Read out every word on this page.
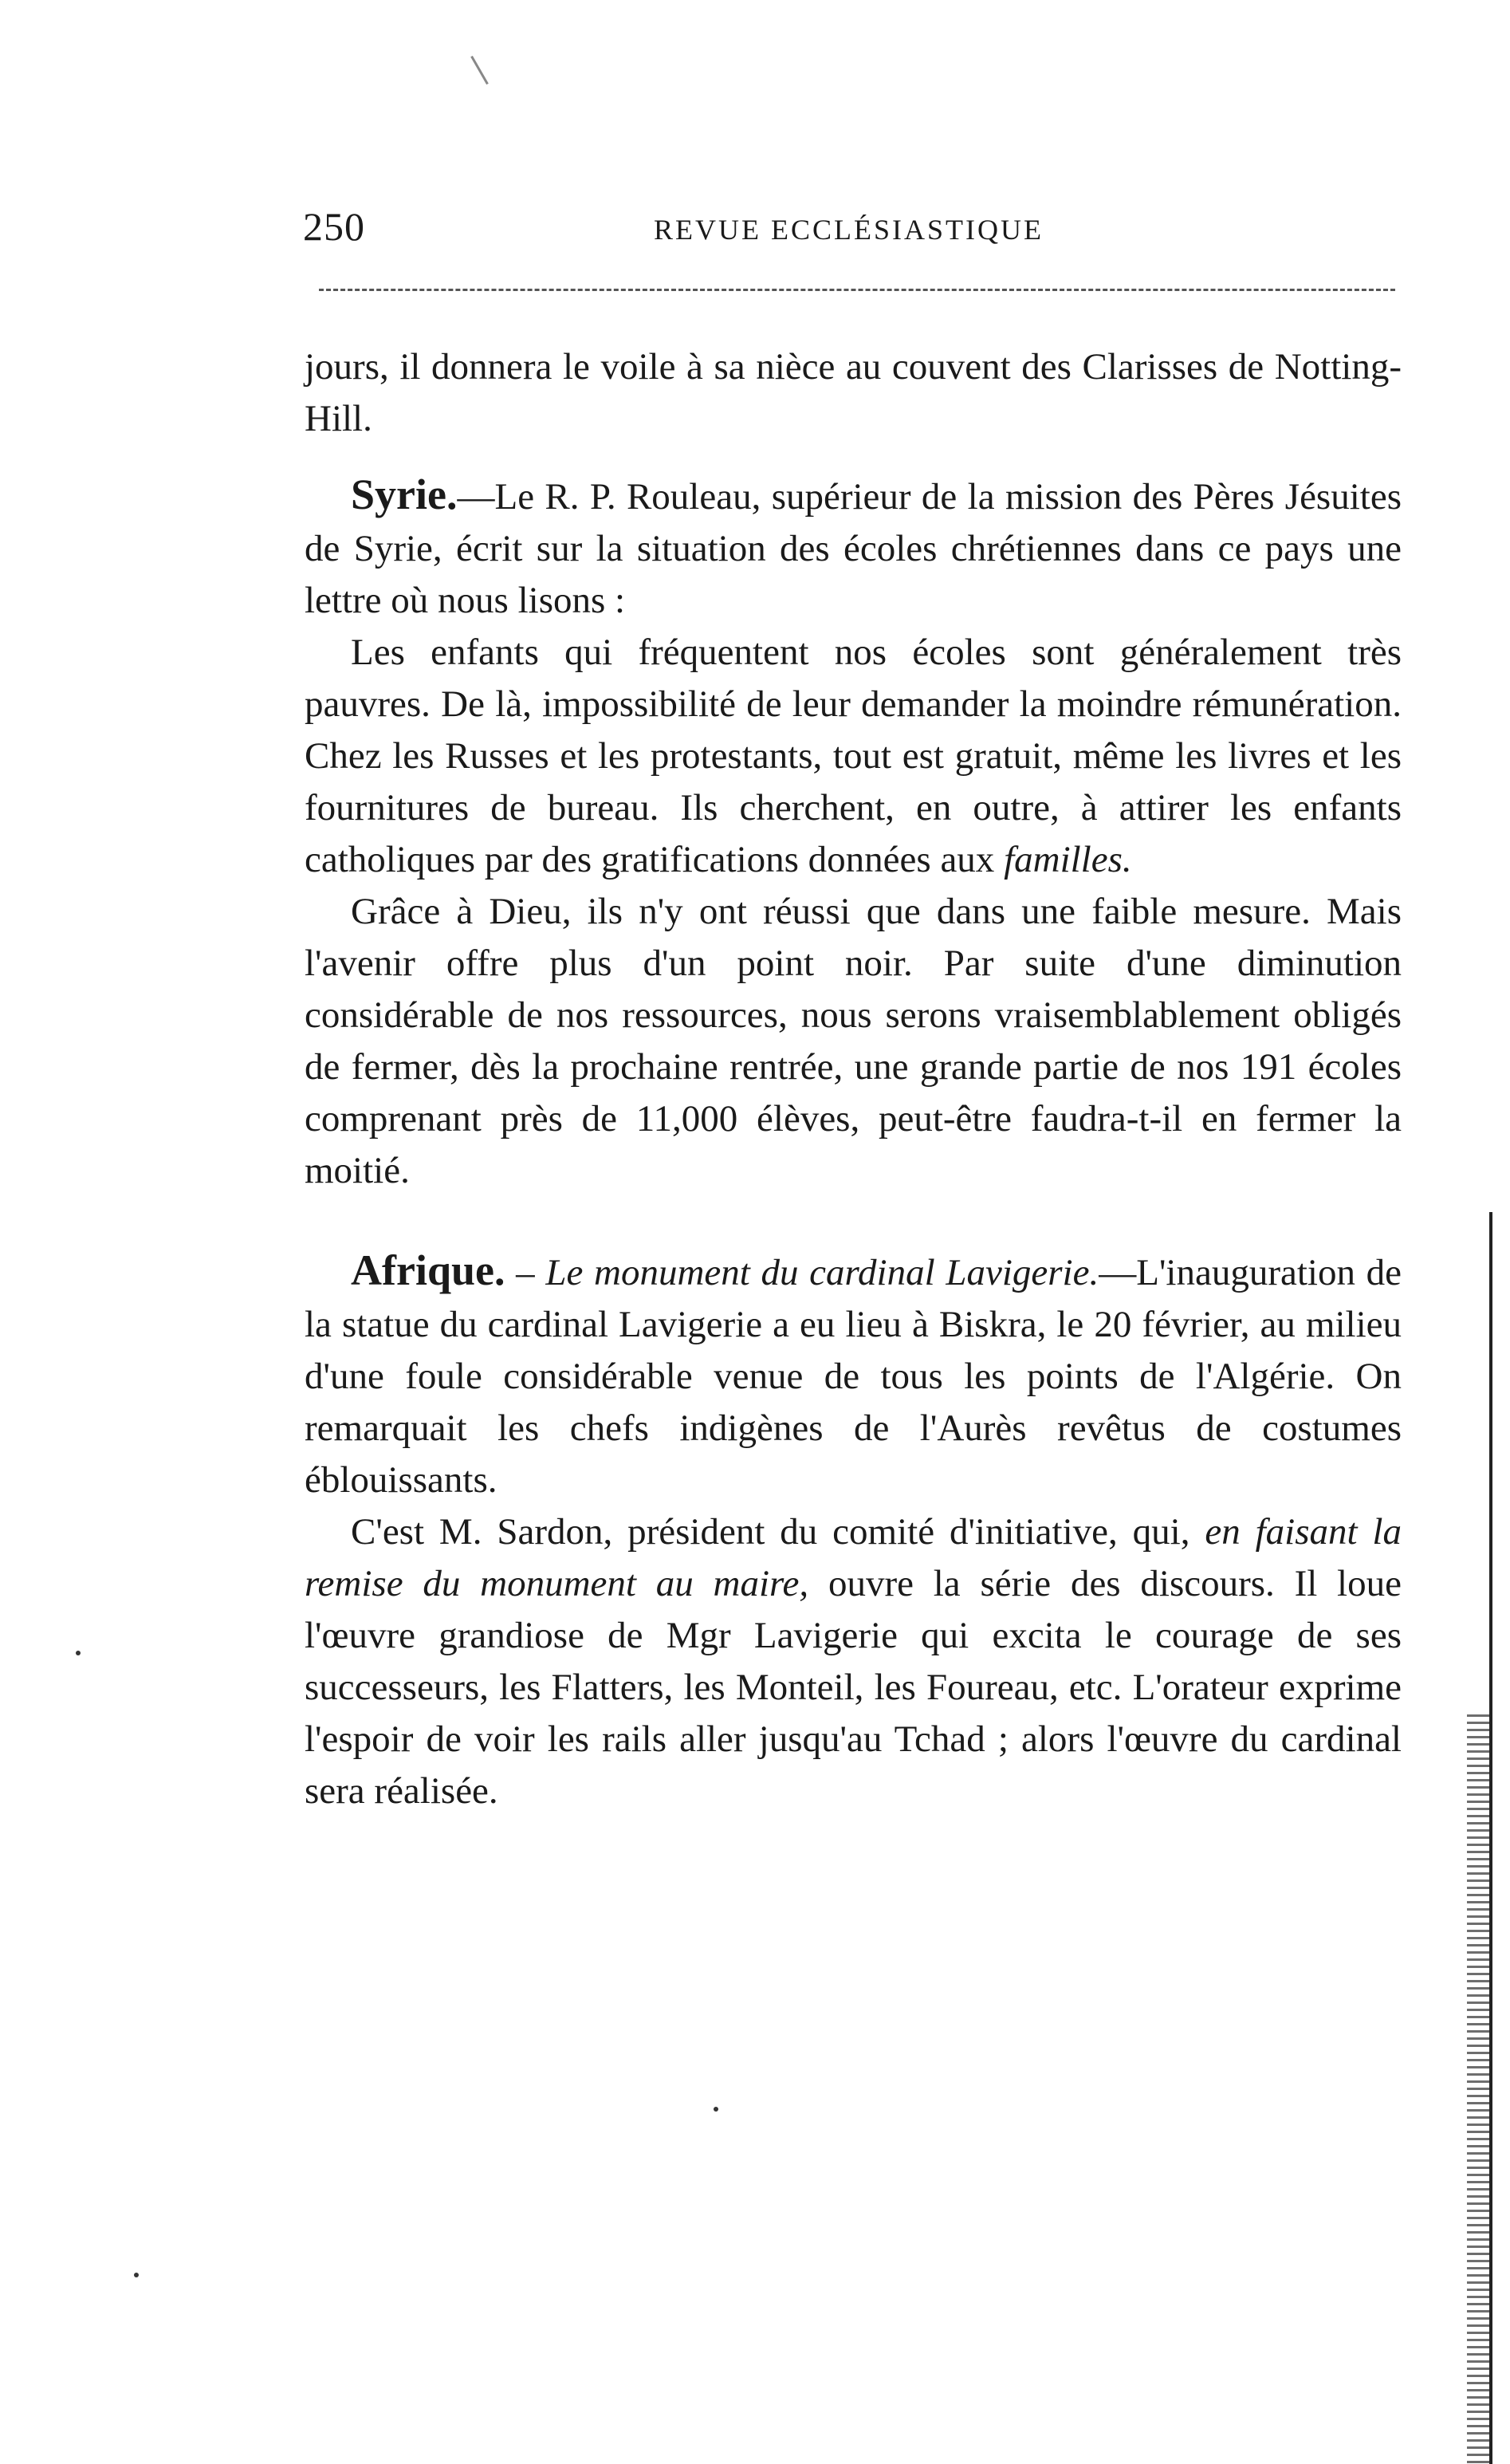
250	REVUE ECCLÉSIASTIQUE

jours, il donnera le voile à sa nièce au couvent des Clarisses de Notting-Hill.

Syrie.—Le R. P. Rouleau, supérieur de la mission des Pères Jésuites de Syrie, écrit sur la situation des écoles chrétiennes dans ce pays une lettre où nous lisons :

Les enfants qui fréquentent nos écoles sont généralement très pauvres. De là, impossibilité de leur demander la moindre rémunération. Chez les Russes et les protestants, tout est gratuit, même les livres et les fournitures de bureau. Ils cherchent, en outre, à attirer les enfants catholiques par des gratifications données aux familles.

Grâce à Dieu, ils n'y ont réussi que dans une faible mesure. Mais l'avenir offre plus d'un point noir. Par suite d'une diminution considérable de nos ressources, nous serons vraisemblablement obligés de fermer, dès la prochaine rentrée, une grande partie de nos 191 écoles comprenant près de 11,000 élèves, peut-être faudra-t-il en fermer la moitié.

Afrique. – Le monument du cardinal Lavigerie.—L'inauguration de la statue du cardinal Lavigerie a eu lieu à Biskra, le 20 février, au milieu d'une foule considérable venue de tous les points de l'Algérie. On remarquait les chefs indigènes de l'Aurès revêtus de costumes éblouissants.

C'est M. Sardon, président du comité d'initiative, qui, en faisant la remise du monument au maire, ouvre la série des discours. Il loue l'œuvre grandiose de Mgr Lavigerie qui excita le courage de ses successeurs, les Flatters, les Monteil, les Foureau, etc. L'orateur exprime l'espoir de voir les rails aller jusqu'au Tchad ; alors l'œuvre du cardinal sera réalisée.
